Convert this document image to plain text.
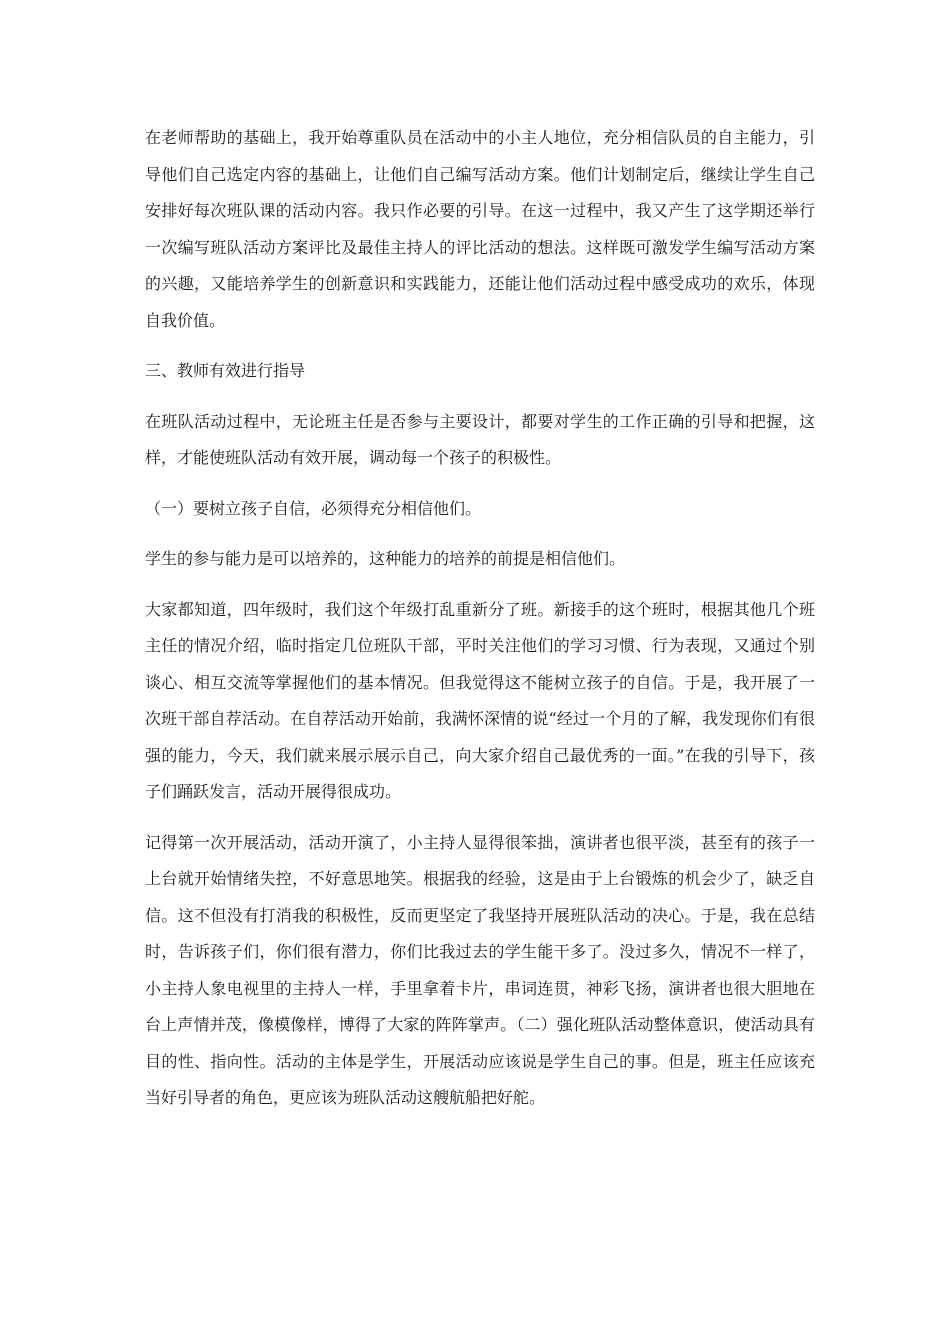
在老师帮助的基础上，我开始尊重队员在活动中的小主人地位，充分相信队员的自主能力，引导他们自己选定内容的基础上，让他们自己编写活动方案。他们计划制定后，继续让学生自己安排好每次班队课的活动内容。我只作必要的引导。在这一过程中，我又产生了这学期还举行一次编写班队活动方案评比及最佳主持人的评比活动的想法。这样既可激发学生编写活动方案的兴趣，又能培养学生的创新意识和实践能力，还能让他们活动过程中感受成功的欢乐，体现自我价值。

三、教师有效进行指导

在班队活动过程中，无论班主任是否参与主要设计，都要对学生的工作正确的引导和把握，这样，才能使班队活动有效开展，调动每一个孩子的积极性。

（一）要树立孩子自信，必须得充分相信他们。

学生的参与能力是可以培养的，这种能力的培养的前提是相信他们。

大家都知道，四年级时，我们这个年级打乱重新分了班。新接手的这个班时，根据其他几个班主任的情况介绍，临时指定几位班队干部，平时关注他们的学习习惯、行为表现，又通过个别谈心、相互交流等掌握他们的基本情况。但我觉得这不能树立孩子的自信。于是，我开展了一次班干部自荐活动。在自荐活动开始前，我满怀深情的说“经过一个月的了解，我发现你们有很强的能力，今天，我们就来展示展示自己，向大家介绍自己最优秀的一面。”在我的引导下，孩子们踊跃发言，活动开展得很成功。

记得第一次开展活动，活动开演了，小主持人显得很笨拙，演讲者也很平淡，甚至有的孩子一上台就开始情绪失控，不好意思地笑。根据我的经验，这是由于上台锻炼的机会少了，缺乏自信。这不但没有打消我的积极性，反而更坚定了我坚持开展班队活动的决心。于是，我在总结时，告诉孩子们，你们很有潜力，你们比我过去的学生能干多了。没过多久，情况不一样了，小主持人象电视里的主持人一样，手里拿着卡片，串词连贯，神彩飞扬，演讲者也很大胆地在台上声情并茂，像模像样，博得了大家的阵阵掌声。（二）强化班队活动整体意识，使活动具有目的性、指向性。活动的主体是学生，开展活动应该说是学生自己的事。但是，班主任应该充当好引导者的角色，更应该为班队活动这艘航船把好舵。
